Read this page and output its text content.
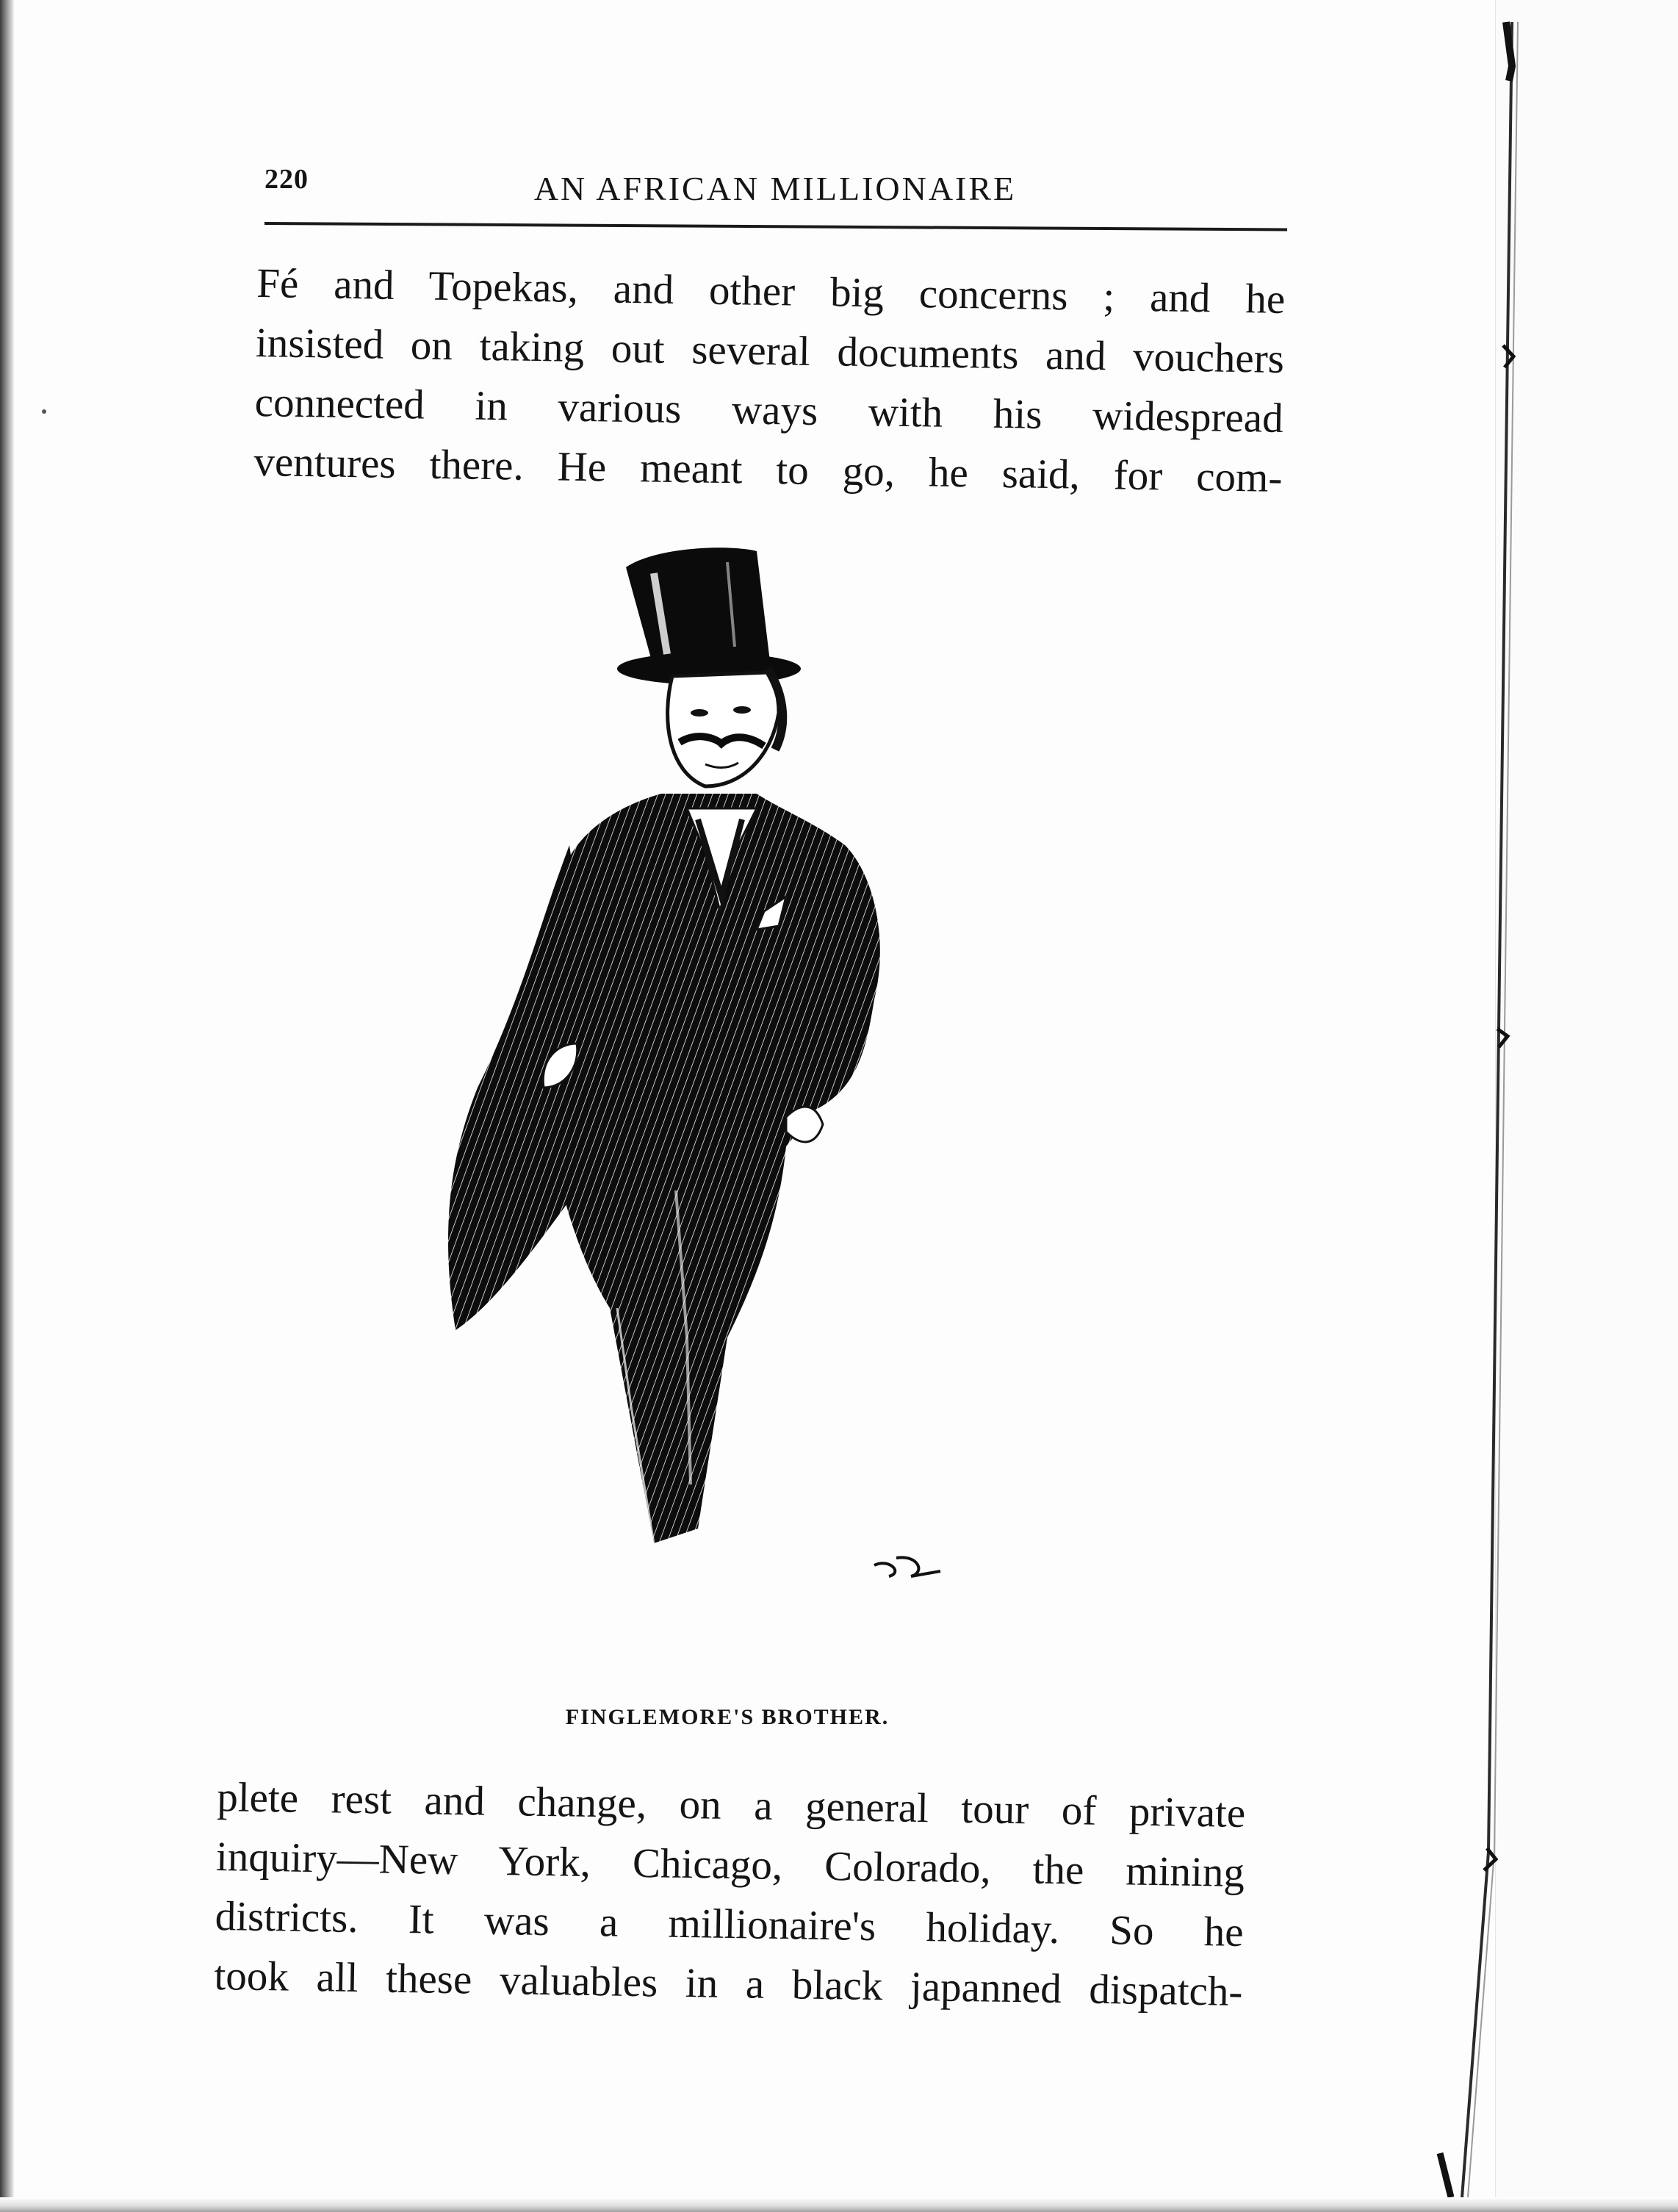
220	AN AFRICAN MILLIONAIRE
Fé and Topekas, and other big concerns ; and he
insisted on taking out several documents and vouchers
connected in various ways with his widespread
ventures there. He meant to go, he said, for com-
FINGLEMORE'S BROTHER.
plete rest and change, on a general tour of private
inquiry—New York, Chicago, Colorado, the mining
districts. It was a millionaire's holiday. So he
took all these valuables in a black japanned dispatch-
